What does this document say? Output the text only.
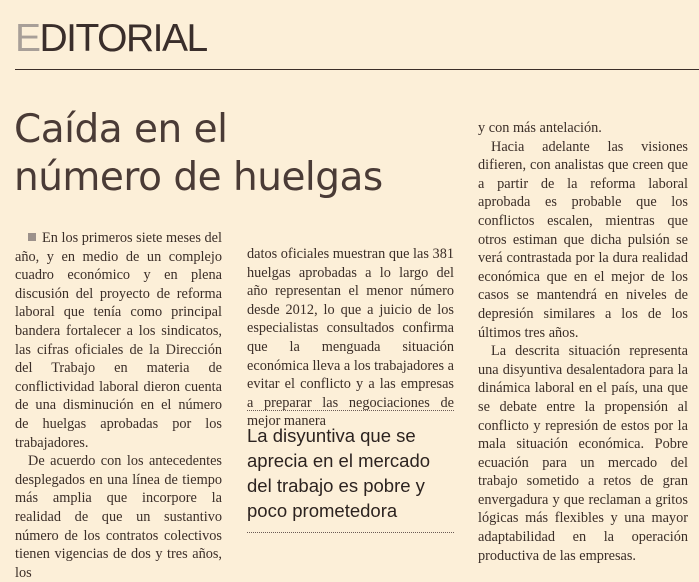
EDITORIAL
Caída en el
número de huelgas

En los primeros siete meses del año, y en medio de un complejo cuadro económico y en plena discusión del proyecto de reforma laboral que tenía como principal bandera fortalecer a los sindicatos, las cifras oficiales de la Dirección del Trabajo en materia de conflictividad laboral dieron cuenta de una disminución en el número de huelgas aprobadas por los trabajadores.

De acuerdo con los antecedentes desplegados en una línea de tiempo más amplia que incorpore la realidad de que un sustantivo número de los contratos colectivos tienen vigencias de dos y tres años, los

datos oficiales muestran que las 381 huelgas aprobadas a lo largo del año representan el menor número desde 2012, lo que a juicio de los especialistas consultados confirma que la menguada situación económica lleva a los trabajadores a evitar el conflicto y a las empresas a preparar las negociaciones de mejor manera

La disyuntiva que se aprecia en el mercado del trabajo es pobre y poco prometedora

y con más antelación.

Hacia adelante las visiones difieren, con analistas que creen que a partir de la reforma laboral aprobada es probable que los conflictos escalen, mientras que otros estiman que dicha pulsión se verá contrastada por la dura realidad económica que en el mejor de los casos se mantendrá en niveles de depresión similares a los de los últimos tres años.

La descrita situación representa una disyuntiva desalentadora para la dinámica laboral en el país, una que se debate entre la propensión al conflicto y represión de estos por la mala situación económica. Pobre ecuación para un mercado del trabajo sometido a retos de gran envergadura y que reclaman a gritos lógicas más flexibles y una mayor adaptabilidad en la operación productiva de las empresas.
